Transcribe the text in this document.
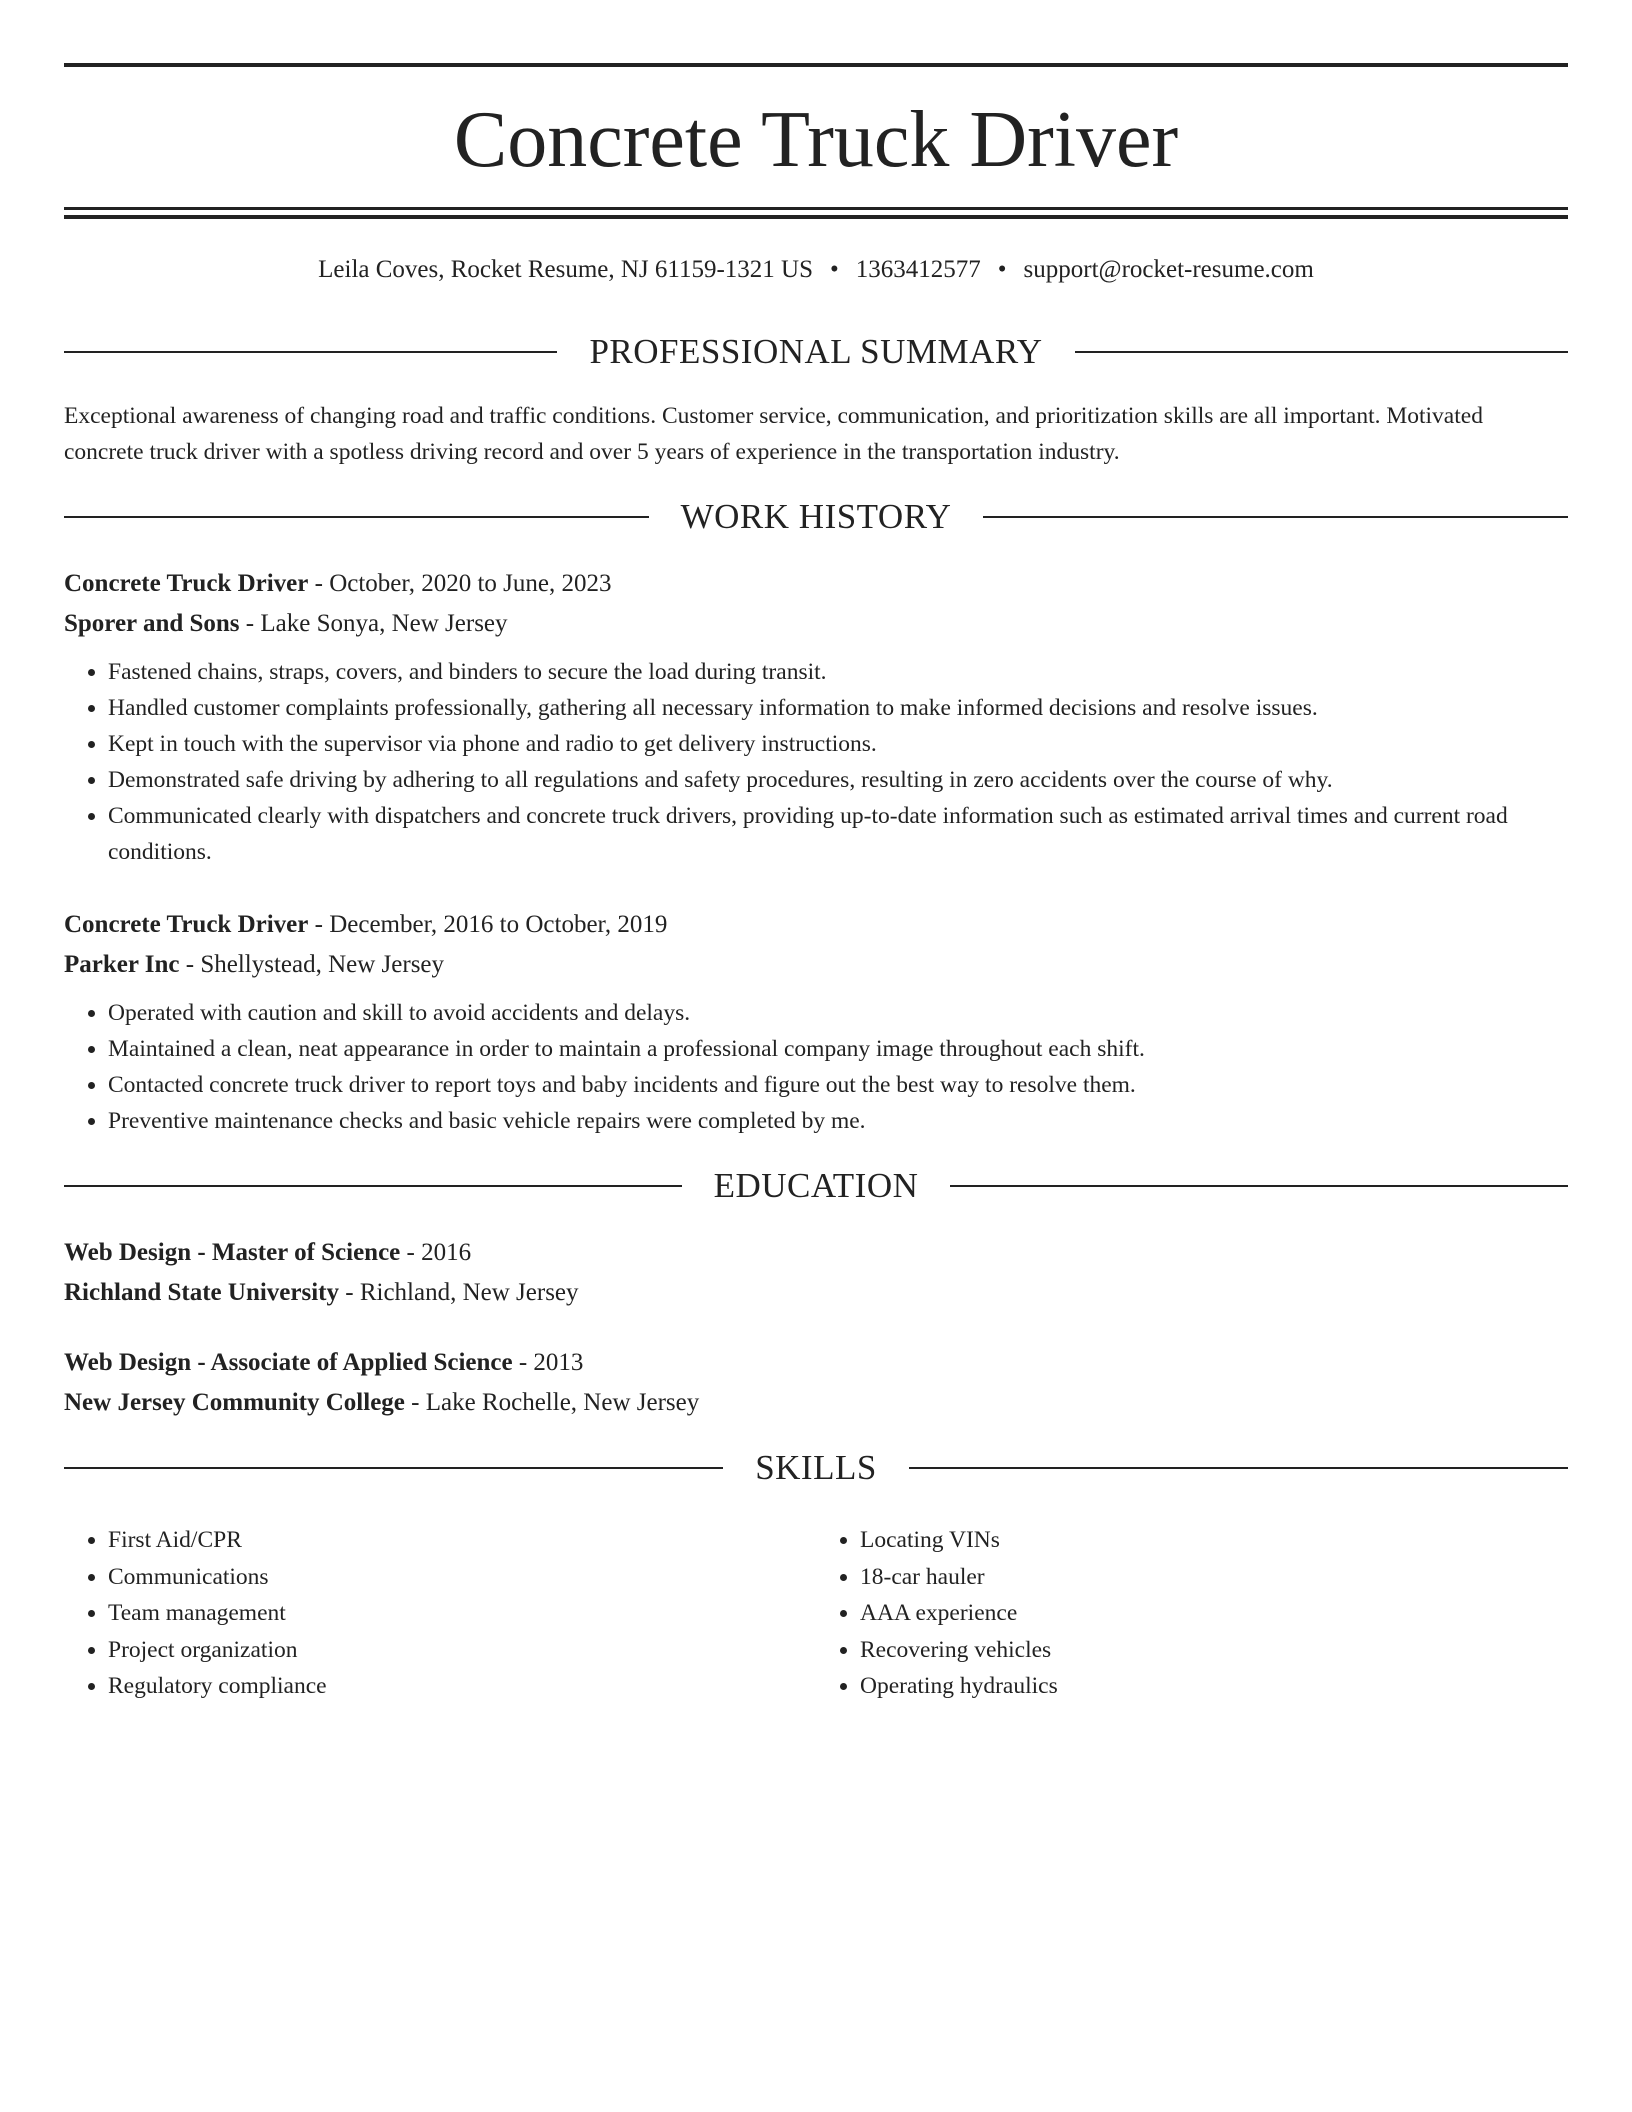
Concrete Truck Driver
Leila Coves, Rocket Resume, NJ 61159-1321 US • 1363412577 • support@rocket-resume.com
PROFESSIONAL SUMMARY
Exceptional awareness of changing road and traffic conditions. Customer service, communication, and prioritization skills are all important. Motivated concrete truck driver with a spotless driving record and over 5 years of experience in the transportation industry.
WORK HISTORY
Concrete Truck Driver - October, 2020 to June, 2023
Sporer and Sons - Lake Sonya, New Jersey
• Fastened chains, straps, covers, and binders to secure the load during transit.
• Handled customer complaints professionally, gathering all necessary information to make informed decisions and resolve issues.
• Kept in touch with the supervisor via phone and radio to get delivery instructions.
• Demonstrated safe driving by adhering to all regulations and safety procedures, resulting in zero accidents over the course of why.
• Communicated clearly with dispatchers and concrete truck drivers, providing up-to-date information such as estimated arrival times and current road conditions.
Concrete Truck Driver - December, 2016 to October, 2019
Parker Inc - Shellystead, New Jersey
• Operated with caution and skill to avoid accidents and delays.
• Maintained a clean, neat appearance in order to maintain a professional company image throughout each shift.
• Contacted concrete truck driver to report toys and baby incidents and figure out the best way to resolve them.
• Preventive maintenance checks and basic vehicle repairs were completed by me.
EDUCATION
Web Design - Master of Science - 2016
Richland State University - Richland, New Jersey
Web Design - Associate of Applied Science - 2013
New Jersey Community College - Lake Rochelle, New Jersey
SKILLS
• First Aid/CPR
• Communications
• Team management
• Project organization
• Regulatory compliance
• Locating VINs
• 18-car hauler
• AAA experience
• Recovering vehicles
• Operating hydraulics
